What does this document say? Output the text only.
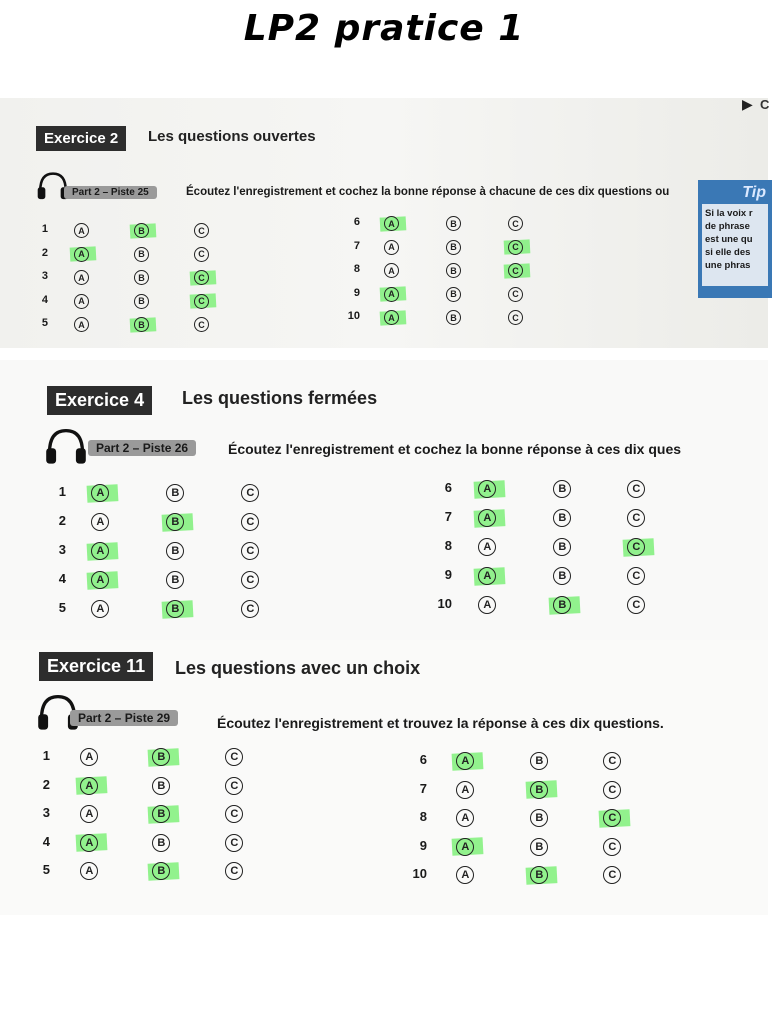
LP2 pratice 1
▶ C
Tip
Si la voix r
de phrase
est une qu
si elle des
une phras
Exercice 2	Les questions ouvertes
Part 2 – Piste 25	Écoutez l'enregistrement et cochez la bonne réponse à chacune de ces dix questions ou
1	A	B	C
2	A	B	C
3	A	B	C
4	A	B	C
5	A	B	C
6	A	B	C
7	A	B	C
8	A	B	C
9	A	B	C
10	A	B	C
Exercice 4	Les questions fermées
Part 2 – Piste 26	Écoutez l'enregistrement et cochez la bonne réponse à ces dix ques
1	A	B	C
2	A	B	C
3	A	B	C
4	A	B	C
5	A	B	C
6	A	B	C
7	A	B	C
8	A	B	C
9	A	B	C
10	A	B	C
Exercice 11	Les questions avec un choix
Part 2 – Piste 29	Écoutez l'enregistrement et trouvez la réponse à ces dix questions.
1	A	B	C
2	A	B	C
3	A	B	C
4	A	B	C
5	A	B	C
6	A	B	C
7	A	B	C
8	A	B	C
9	A	B	C
10	A	B	C
